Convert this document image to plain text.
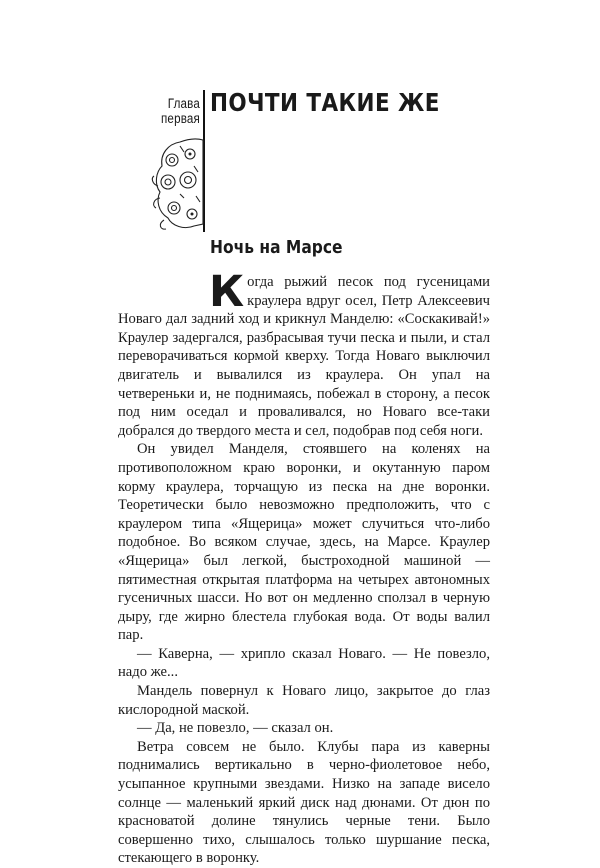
Глава первая
ПОЧТИ ТАКИЕ ЖЕ
Ночь на Марсе

Когда рыжий песок под гусеницами краулера вдруг осел, Петр Алексеевич Новаго дал задний ход и крикнул Манделю: «Соскакивай!» Краулер задергался, разбрасывая тучи песка и пыли, и стал переворачиваться кормой кверху. Тогда Новаго выключил двигатель и вывалился из краулера. Он упал на четвереньки и, не поднимаясь, побежал в сторону, а песок под ним оседал и проваливался, но Новаго все-таки добрался до твердого места и сел, подобрав под себя ноги.

Он увидел Манделя, стоявшего на коленях на противоположном краю воронки, и окутанную паром корму краулера, торчащую из песка на дне воронки. Теоретически было невозможно предположить, что с краулером типа «Ящерица» может случиться что-либо подобное. Во всяком случае, здесь, на Марсе. Краулер «Ящерица» был легкой, быстроходной машиной — пятиместная открытая платформа на четырех автономных гусеничных шасси. Но вот он медленно сползал в черную дыру, где жирно блестела глубокая вода. От воды валил пар.

— Каверна, — хрипло сказал Новаго. — Не повезло, надо же...

Мандель повернул к Новаго лицо, закрытое до глаз кислородной маской.

— Да, не повезло, — сказал он.

Ветра совсем не было. Клубы пара из каверны поднимались вертикально в черно-фиолетовое небо, усыпанное крупными звездами. Низко на западе висело солнце — маленький яркий диск над дюнами. От дюн по красноватой долине тянулись черные тени. Было совершенно тихо, слышалось только шуршание песка, стекающего в воронку.
